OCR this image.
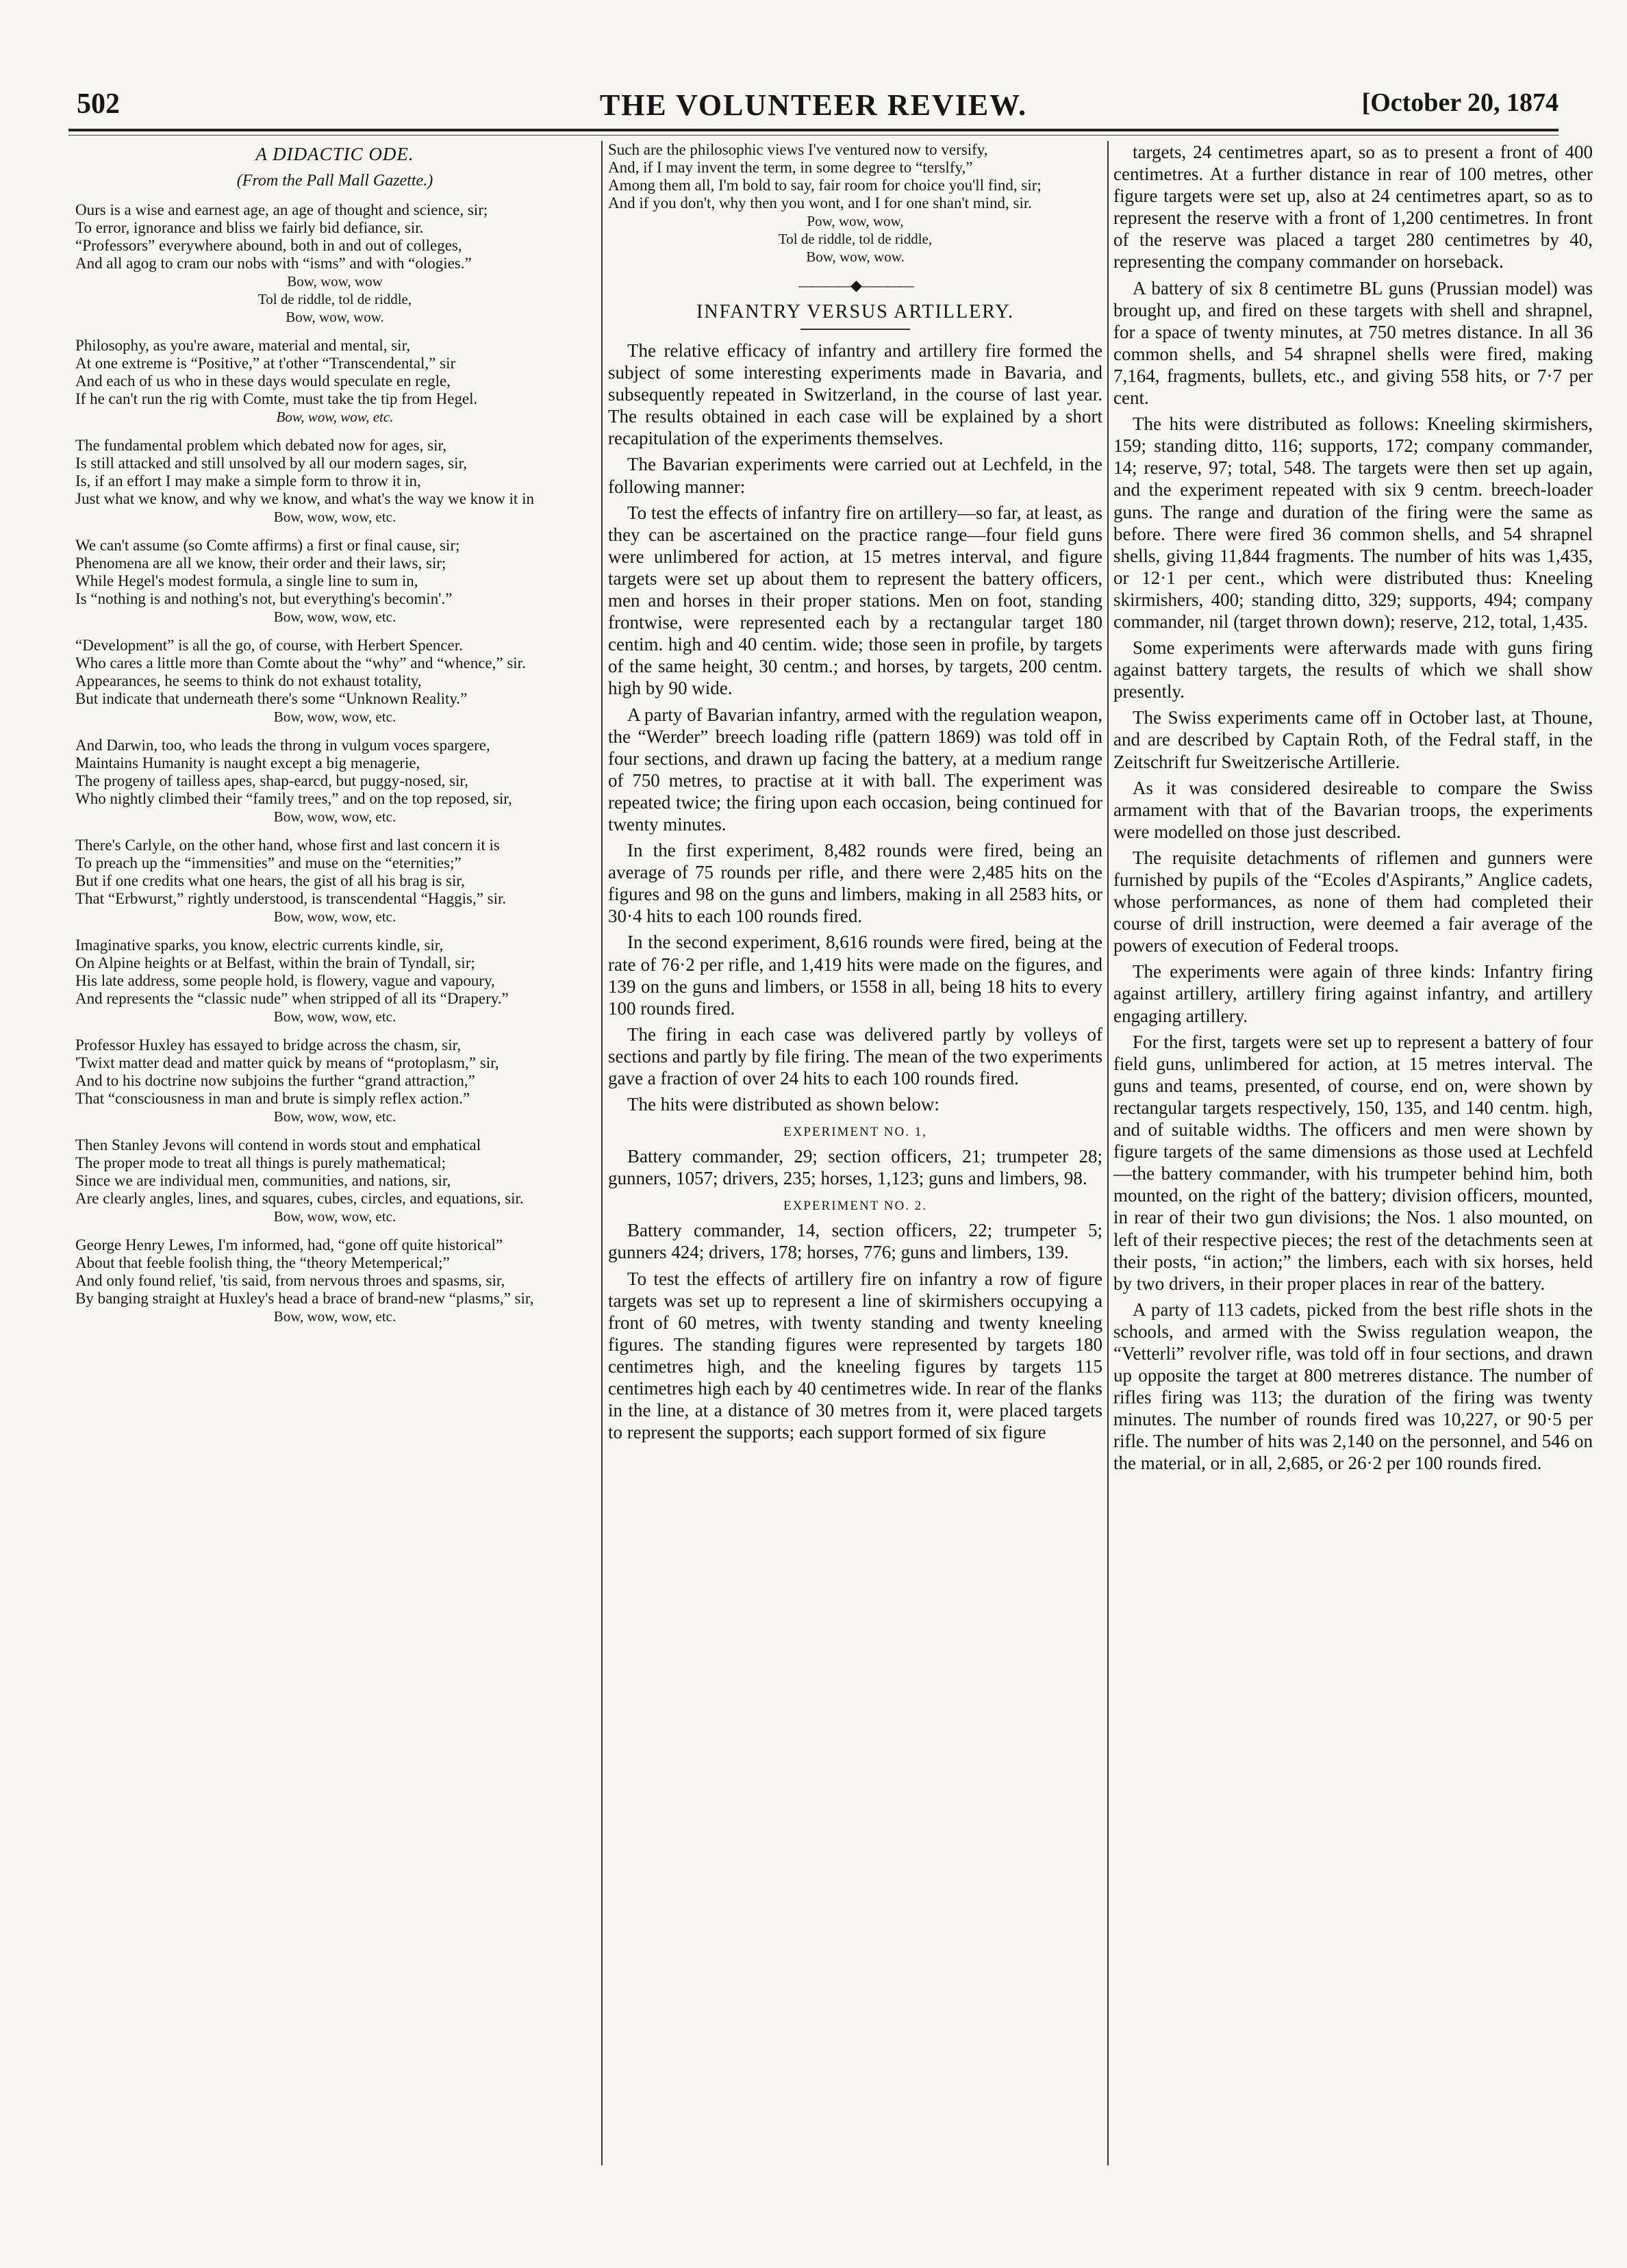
502	THE VOLUNTEER REVIEW.	[October 20, 1874
A DIDACTIC ODE.
(From the Pall Mall Gazette.)
Ours is a wise and earnest age, an age of thought and science, sir;
To error, ignorance and bliss we fairly bid defiance, sir.
“Professors” everywhere abound, both in and out of colleges,
And all agog to cram our nobs with “isms” and with “ologies.”
Bow, wow, wow
Tol de riddle, tol de riddle,
Bow, wow, wow.
Philosophy, as you're aware, material and mental, sir,
At one extreme is “Positive,” at t'other “Transcendental,” sir
And each of us who in these days would speculate en regle,
If he can't run the rig with Comte, must take the tip from Hegel.
Bow, wow, wow, etc.
The fundamental problem which debated now for ages, sir,
Is still attacked and still unsolved by all our modern sages, sir,
Is, if an effort I may make a simple form to throw it in,
Just what we know, and why we know, and what's the way we know it in
Bow, wow, wow, etc.
We can't assume (so Comte affirms) a first or final cause, sir;
Phenomena are all we know, their order and their laws, sir;
While Hegel's modest formula, a single line to sum in,
Is “nothing is and nothing's not, but everything's becomin'.”
Bow, wow, wow, etc.
“Development” is all the go, of course, with Herbert Spencer.
Who cares a little more than Comte about the “why” and “whence,” sir.
Appearances, he seems to think do not exhaust totality,
But indicate that underneath there's some “Unknown Reality.”
Bow, wow, wow, etc.
And Darwin, too, who leads the throng in vulgum voces spargere,
Maintains Humanity is naught except a big menagerie,
The progeny of tailless apes, shap-earcd, but puggy-nosed, sir,
Who nightly climbed their “family trees,” and on the top reposed, sir,
Bow, wow, wow, etc.
There's Carlyle, on the other hand, whose first and last concern it is
To preach up the “immensities” and muse on the “eternities;”
But if one credits what one hears, the gist of all his brag is sir,
That “Erbwurst,” rightly understood, is transcendental “Haggis,” sir.
Bow, wow, wow, etc.
Imaginative sparks, you know, electric currents kindle, sir,
On Alpine heights or at Belfast, within the brain of Tyndall, sir;
His late address, some people hold, is flowery, vague and vapoury,
And represents the “classic nude” when stripped of all its “Drapery.”
Bow, wow, wow, etc.
Professor Huxley has essayed to bridge across the chasm, sir,
'Twixt matter dead and matter quick by means of “protoplasm,” sir,
And to his doctrine now subjoins the further “grand attraction,”
That “consciousness in man and brute is simply reflex action.”
Bow, wow, wow, etc.
Then Stanley Jevons will contend in words stout and emphatical
The proper mode to treat all things is purely mathematical;
Since we are individual men, communities, and nations, sir,
Are clearly angles, lines, and squares, cubes, circles, and equations, sir.
Bow, wow, wow, etc.
George Henry Lewes, I'm informed, had, “gone off quite historical”
About that feeble foolish thing, the “theory Metemperical;”
And only found relief, 'tis said, from nervous throes and spasms, sir,
By banging straight at Huxley's head a brace of brand-new “plasms,” sir,
Bow, wow, wow, etc.
Such are the philosophic views I've ventured now to versify,
And, if I may invent the term, in some degree to “terslfy,”
Among them all, I'm bold to say, fair room for choice you'll find, sir;
And if you don't, why then you wont, and I for one shan't mind, sir.
Pow, wow, wow,
Tol de riddle, tol de riddle,
Bow, wow, wow.
————◆————
INFANTRY VERSUS ARTILLERY.

The relative efficacy of infantry and artillery fire formed the subject of some interesting experiments made in Bavaria, and subsequently repeated in Switzerland, in the course of last year. The results obtained in each case will be explained by a short recapitulation of the experiments themselves.

The Bavarian experiments were carried out at Lechfeld, in the following manner:

To test the effects of infantry fire on artillery—so far, at least, as they can be ascertained on the practice range—four field guns were unlimbered for action, at 15 metres interval, and figure targets were set up about them to represent the battery officers, men and horses in their proper stations. Men on foot, standing frontwise, were represented each by a rectangular target 180 centim. high and 40 centim. wide; those seen in profile, by targets of the same height, 30 centm.; and horses, by targets, 200 centm. high by 90 wide.

A party of Bavarian infantry, armed with the regulation weapon, the “Werder” breech loading rifle (pattern 1869) was told off in four sections, and drawn up facing the battery, at a medium range of 750 metres, to practise at it with ball. The experiment was repeated twice; the firing upon each occasion, being continued for twenty minutes.

In the first experiment, 8,482 rounds were fired, being an average of 75 rounds per rifle, and there were 2,485 hits on the figures and 98 on the guns and limbers, making in all 2583 hits, or 30·4 hits to each 100 rounds fired.

In the second experiment, 8,616 rounds were fired, being at the rate of 76·2 per rifle, and 1,419 hits were made on the figures, and 139 on the guns and limbers, or 1558 in all, being 18 hits to every 100 rounds fired.

The firing in each case was delivered partly by volleys of sections and partly by file firing. The mean of the two experiments gave a fraction of over 24 hits to each 100 rounds fired.

The hits were distributed as shown below:

EXPERIMENT NO. 1,

Battery commander, 29; section officers, 21; trumpeter 28; gunners, 1057; drivers, 235; horses, 1,123; guns and limbers, 98.

EXPERIMENT NO. 2.

Battery commander, 14, section officers, 22; trumpeter 5; gunners 424; drivers, 178; horses, 776; guns and limbers, 139.

To test the effects of artillery fire on infantry a row of figure targets was set up to represent a line of skirmishers occupying a front of 60 metres, with twenty standing and twenty kneeling figures. The standing figures were represented by targets 180 centimetres high, and the kneeling figures by targets 115 centimetres high each by 40 centimetres wide. In rear of the flanks in the line, at a distance of 30 metres from it, were placed targets to represent the supports; each support formed of six figure

targets, 24 centimetres apart, so as to present a front of 400 centimetres. At a further distance in rear of 100 metres, other figure targets were set up, also at 24 centimetres apart, so as to represent the reserve with a front of 1,200 centimetres. In front of the reserve was placed a target 280 centimetres by 40, representing the company commander on horseback.

A battery of six 8 centimetre BL guns (Prussian model) was brought up, and fired on these targets with shell and shrapnel, for a space of twenty minutes, at 750 metres distance. In all 36 common shells, and 54 shrapnel shells were fired, making 7,164, fragments, bullets, etc., and giving 558 hits, or 7·7 per cent.

The hits were distributed as follows: Kneeling skirmishers, 159; standing ditto, 116; supports, 172; company commander, 14; reserve, 97; total, 548. The targets were then set up again, and the experiment repeated with six 9 centm. breech-loader guns. The range and duration of the firing were the same as before. There were fired 36 common shells, and 54 shrapnel shells, giving 11,844 fragments. The number of hits was 1,435, or 12·1 per cent., which were distributed thus: Kneeling skirmishers, 400; standing ditto, 329; supports, 494; company commander, nil (target thrown down); reserve, 212, total, 1,435.

Some experiments were afterwards made with guns firing against battery targets, the results of which we shall show presently.

The Swiss experiments came off in October last, at Thoune, and are described by Captain Roth, of the Fedral staff, in the Zeitschrift fur Sweitzerische Artillerie.

As it was considered desireable to compare the Swiss armament with that of the Bavarian troops, the experiments were modelled on those just described.

The requisite detachments of riflemen and gunners were furnished by pupils of the “Ecoles d'Aspirants,” Anglice cadets, whose performances, as none of them had completed their course of drill instruction, were deemed a fair average of the powers of execution of Federal troops.

The experiments were again of three kinds: Infantry firing against artillery, artillery firing against infantry, and artillery engaging artillery.

For the first, targets were set up to represent a battery of four field guns, unlimbered for action, at 15 metres interval. The guns and teams, presented, of course, end on, were shown by rectangular targets respectively, 150, 135, and 140 centm. high, and of suitable widths. The officers and men were shown by figure targets of the same dimensions as those used at Lechfeld—the battery commander, with his trumpeter behind him, both mounted, on the right of the battery; division officers, mounted, in rear of their two gun divisions; the Nos. 1 also mounted, on left of their respective pieces; the rest of the detachments seen at their posts, “in action;” the limbers, each with six horses, held by two drivers, in their proper places in rear of the battery.

A party of 113 cadets, picked from the best rifle shots in the schools, and armed with the Swiss regulation weapon, the “Vetterli” revolver rifle, was told off in four sections, and drawn up opposite the target at 800 metreres distance. The number of rifles firing was 113; the duration of the firing was twenty minutes. The number of rounds fired was 10,227, or 90·5 per rifle. The number of hits was 2,140 on the personnel, and 546 on the material, or in all, 2,685, or 26·2 per 100 rounds fired.
